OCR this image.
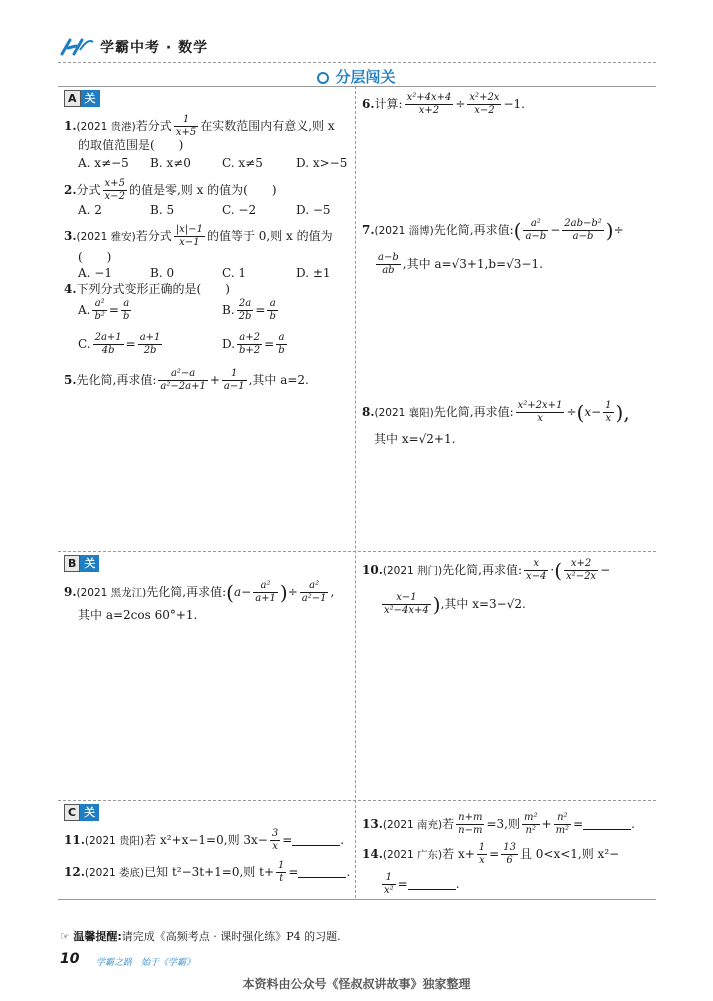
学霸中考 · 数学
分层闯关
A 关
1.(2021 贵港)若分式 $\frac{1}{x+5}$ 在实数范围内有意义,则 x
的取值范围是(　　)
A. x≠−5 B. x≠0	C. x≠5	D. x>−5
2.分式 $\frac{x+5}{x-2}$ 的值是零,则 x 的值为(　　)
A. 2	B. 5	C. −2	D. −5
3.(2021 雅安)若分式 $\frac{|x|-1}{x-1}$ 的值等于 0,则 x 的值为
(　　)
A. −1	B. 0	C. 1	D. ±1
4.下列分式变形正确的是(　　)
A. $\frac{\text{a²}}{\text{b²}} = \frac{a}{b}$	B. $\frac{2a}{2b} = \frac{a}{b}$
C. $\frac{2a+1}{4b} = \frac{a+1}{2b}$	D. $\frac{a+2}{b+2} = \frac{a}{b}$
5.先化简,再求值: $\frac{\text{a²−a}}{\text{a²−2a+1}} + \frac{1}{a-1}$ ,其中 a=2.
6.计算: $\frac{\text{x²+4x+4}}{x+2} \div \frac{\text{x²+2x}}{x-2} -1$.
7.(2021 淄博)先化简,再求值:( $\frac{\text{a²}}{a-b} - \frac{\text{2ab−b²}}{a-b}$ )÷
$\frac{a-b}{ab}$ ,其中 a=√3+1,b=√3−1.
8.(2021 襄阳)先化简,再求值: $\frac{\text{x²+2x+1}}{x} \div(x- \frac{1}{x}$ ),
其中 x=√2+1.
B 关
9.(2021 黑龙江)先化简,再求值:(a− $\frac{\text{a²}}{a+1}$ )÷ $\frac{\text{a²}}{\text{a²−1}}$ ,
其中 a=2cos 60°+1.
10.(2021 荆门)先化简,再求值: $\frac{x}{x-4}$ ·( $\frac{x+2}{\text{x²−2x}}$ −
$\frac{x-1}{\text{x²−4x+4}}$ ),其中 x=3−√2.
C 关
11.(2021 贵阳)若 x²+x−1=0,则 $3x- \frac{3}{x}$ =	.
12.(2021 娄底)已知 t²−3t+1=0,则 $t+ \frac{1}{t}$ =	.
13.(2021 南充)若 $\frac{n+m}{n-m} =3$,则 $\frac{\text{m²}}{\text{n²}} + \frac{\text{n²}}{\text{m²}}$ =	.
14.(2021 广东)若 $x+ \frac{1}{x} = \frac{13}{6}$ 且 0<x<1,则 x²−
$\frac{1}{\text{x²}}$ =	.
☞ 温馨提醒:请完成《高频考点 · 课时强化练》P4 的习题.
10 学霸之路　始于《学霸》
本资料由公众号《怪叔叔讲故事》独家整理
